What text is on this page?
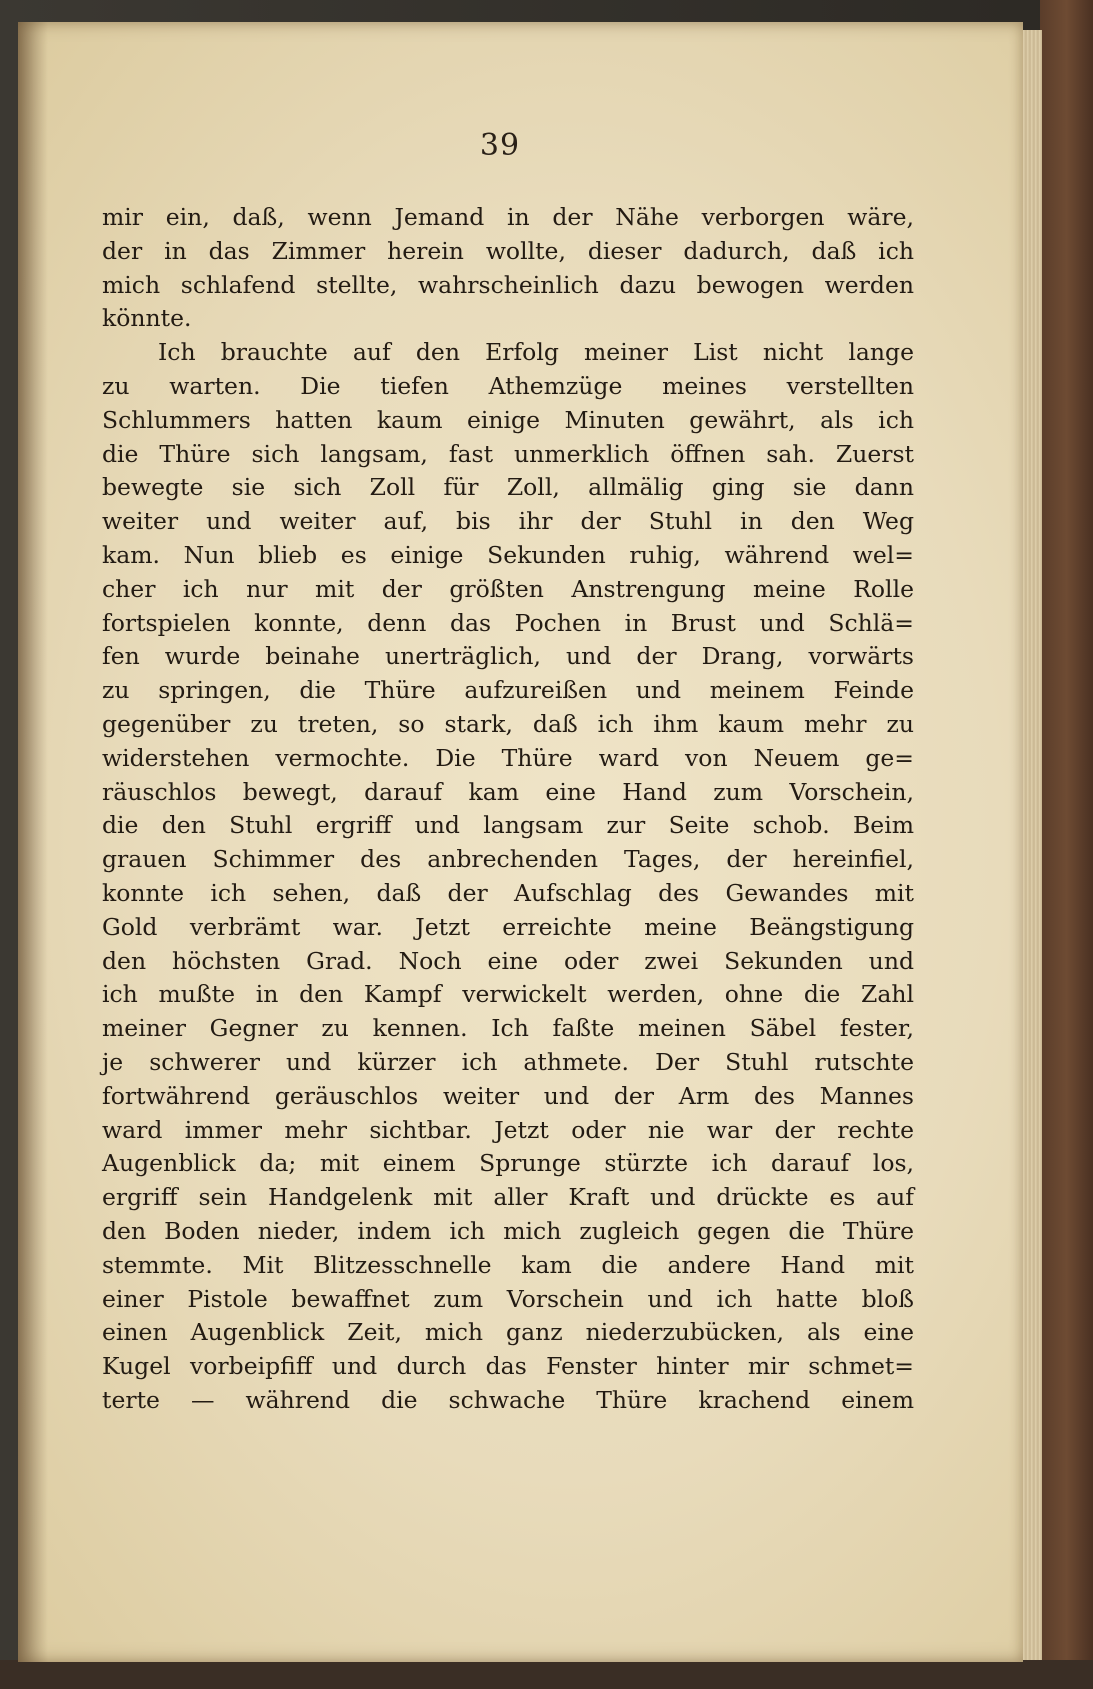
39
mir ein, daß, wenn Jemand in der Nähe verborgen wäre,
der in das Zimmer herein wollte, dieser dadurch, daß ich
mich schlafend stellte, wahrscheinlich dazu bewogen werden
könnte.
Ich brauchte auf den Erfolg meiner List nicht lange
zu warten. Die tiefen Athemzüge meines verstellten
Schlummers hatten kaum einige Minuten gewährt, als ich
die Thüre sich langsam, fast unmerklich öffnen sah. Zuerst
bewegte sie sich Zoll für Zoll, allmälig ging sie dann
weiter und weiter auf, bis ihr der Stuhl in den Weg
kam. Nun blieb es einige Sekunden ruhig, während wel=
cher ich nur mit der größten Anstrengung meine Rolle
fortspielen konnte, denn das Pochen in Brust und Schlä=
fen wurde beinahe unerträglich, und der Drang, vorwärts
zu springen, die Thüre aufzureißen und meinem Feinde
gegenüber zu treten, so stark, daß ich ihm kaum mehr zu
widerstehen vermochte. Die Thüre ward von Neuem ge=
räuschlos bewegt, darauf kam eine Hand zum Vorschein,
die den Stuhl ergriff und langsam zur Seite schob. Beim
grauen Schimmer des anbrechenden Tages, der hereinfiel,
konnte ich sehen, daß der Aufschlag des Gewandes mit
Gold verbrämt war. Jetzt erreichte meine Beängstigung
den höchsten Grad. Noch eine oder zwei Sekunden und
ich mußte in den Kampf verwickelt werden, ohne die Zahl
meiner Gegner zu kennen. Ich faßte meinen Säbel fester,
je schwerer und kürzer ich athmete. Der Stuhl rutschte
fortwährend geräuschlos weiter und der Arm des Mannes
ward immer mehr sichtbar. Jetzt oder nie war der rechte
Augenblick da; mit einem Sprunge stürzte ich darauf los,
ergriff sein Handgelenk mit aller Kraft und drückte es auf
den Boden nieder, indem ich mich zugleich gegen die Thüre
stemmte. Mit Blitzesschnelle kam die andere Hand mit
einer Pistole bewaffnet zum Vorschein und ich hatte bloß
einen Augenblick Zeit, mich ganz niederzubücken, als eine
Kugel vorbeipfiff und durch das Fenster hinter mir schmet=
terte — während die schwache Thüre krachend einem
